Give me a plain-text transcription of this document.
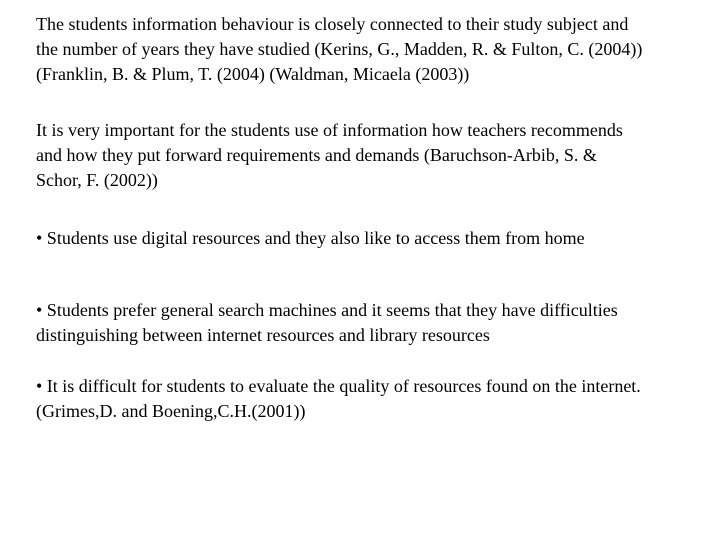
The students information behaviour is closely connected to their study subject and
the number of years they have studied (Kerins, G., Madden, R. & Fulton, C. (2004))
(Franklin, B. & Plum, T. (2004) (Waldman, Micaela (2003))

It is very important for the students use of information how teachers recommends
and how they put forward requirements and demands (Baruchson-Arbib, S. &
Schor, F. (2002))

• Students use digital resources and they also like to access them from home

• Students prefer general search machines and it seems that they have difficulties
distinguishing between internet resources and library resources

• It is difficult for students to evaluate the quality of resources found on the internet.
(Grimes,D. and Boening,C.H.(2001))
